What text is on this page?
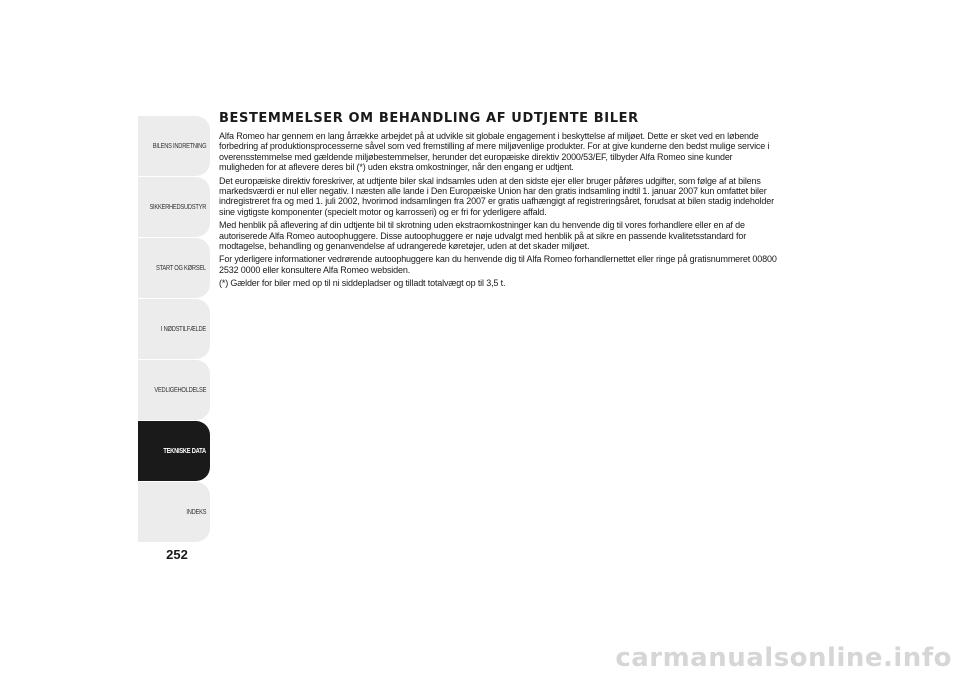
BILENS INDRETNING
SIKKERHEDSUDSTYR
START OG KØRSEL
I NØDSTILFÆLDE
VEDLIGEHOLDELSE
TEKNISKE DATA
INDEKS
252
BESTEMMELSER OM BEHANDLING AF UDTJENTE BILER

Alfa Romeo har gennem en lang årrække arbejdet på at udvikle sit globale engagement i beskyttelse af miljøet. Dette er sket ved en løbende forbedring af produktionsprocesserne såvel som ved fremstilling af mere miljøvenlige produkter. For at give kunderne den bedst mulige service i overensstemmelse med gældende miljøbestemmelser, herunder det europæiske direktiv 2000/53/EF, tilbyder Alfa Romeo sine kunder muligheden for at aflevere deres bil (*) uden ekstra omkostninger, når den engang er udtjent.

Det europæiske direktiv foreskriver, at udtjente biler skal indsamles uden at den sidste ejer eller bruger påføres udgifter, som følge af at bilens markedsværdi er nul eller negativ. I næsten alle lande i Den Europæiske Union har den gratis indsamling indtil 1. januar 2007 kun omfattet biler indregistreret fra og med 1. juli 2002, hvorimod indsamlingen fra 2007 er gratis uafhængigt af registreringsåret, forudsat at bilen stadig indeholder sine vigtigste komponenter (specielt motor og karrosseri) og er fri for yderligere affald.

Med henblik på aflevering af din udtjente bil til skrotning uden ekstraomkostninger kan du henvende dig til vores forhandlere eller en af de autoriserede Alfa Romeo autoophuggere. Disse autoophuggere er nøje udvalgt med henblik på at sikre en passende kvalitetsstandard for modtagelse, behandling og genanvendelse af udrangerede køretøjer, uden at det skader miljøet.

For yderligere informationer vedrørende autoophuggere kan du henvende dig til Alfa Romeo forhandlernettet eller ringe på gratisnummeret 00800 2532 0000 eller konsultere Alfa Romeo websiden.

(*) Gælder for biler med op til ni siddepladser og tilladt totalvægt op til 3,5 t.

carmanualsonline.info
